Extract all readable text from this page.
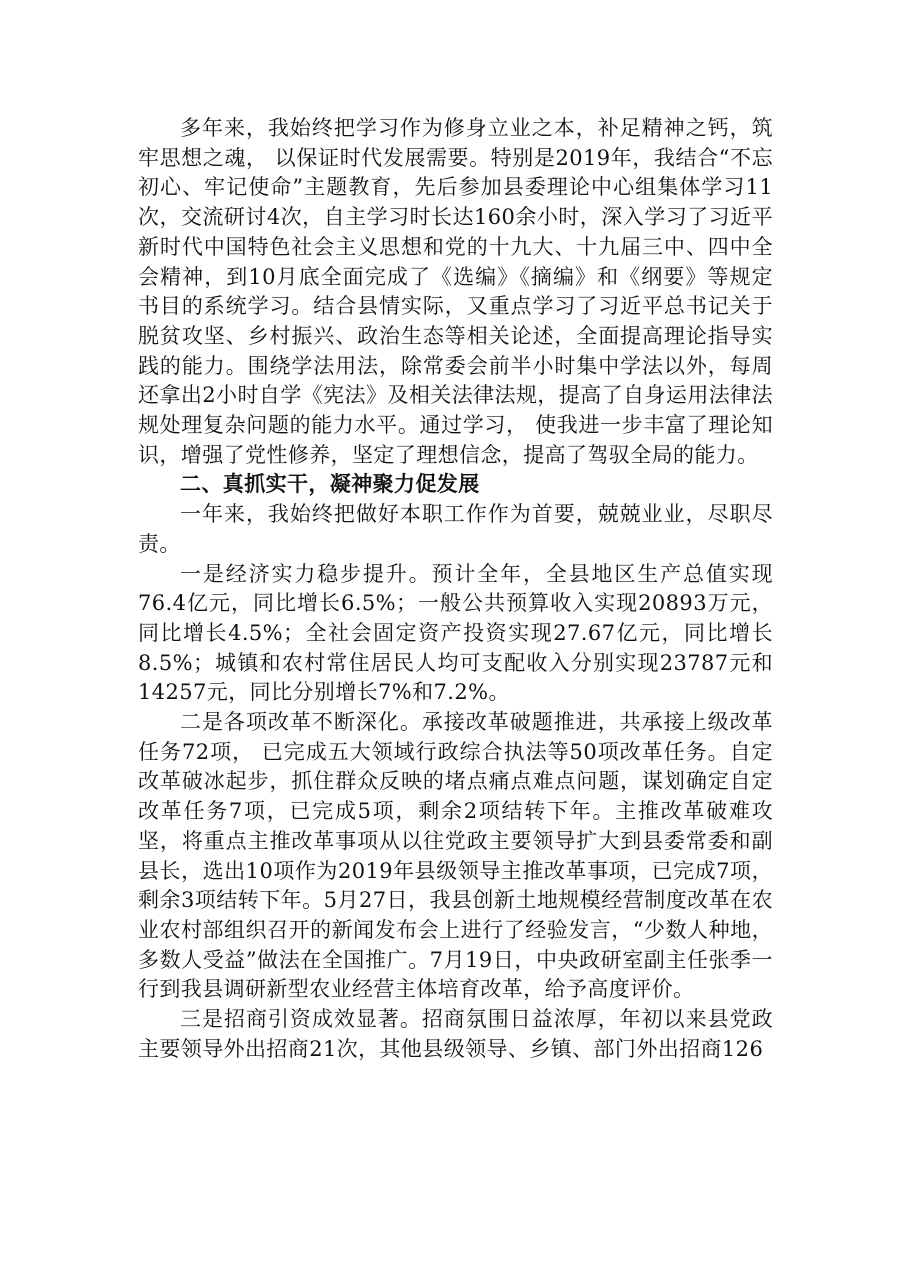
多年来，我始终把学习作为修身立业之本，补足精神之钙，筑牢思想之魂， 以保证时代发展需要。特别是2019年，我结合“不忘初心、牢记使命”主题教育，先后参加县委理论中心组集体学习11次，交流研讨4次，自主学习时长达160余小时，深入学习了习近平新时代中国特色社会主义思想和党的十九大、十九届三中、四中全会精神，到10月底全面完成了《选编》《摘编》和《纲要》等规定书目的系统学习。结合县情实际，又重点学习了习近平总书记关于脱贫攻坚、乡村振兴、政治生态等相关论述，全面提高理论指导实践的能力。围绕学法用法，除常委会前半小时集中学法以外，每周还拿出2小时自学《宪法》及相关法律法规，提高了自身运用法律法规处理复杂问题的能力水平。通过学习， 使我进一步丰富了理论知识，增强了党性修养，坚定了理想信念，提高了驾驭全局的能力。

二、真抓实干，凝神聚力促发展

一年来，我始终把做好本职工作作为首要，兢兢业业，尽职尽责。

一是经济实力稳步提升。预计全年，全县地区生产总值实现76.4亿元，同比增长6.5%；一般公共预算收入实现20893万元，同比增长4.5%；全社会固定资产投资实现27.67亿元，同比增长8.5%；城镇和农村常住居民人均可支配收入分别实现23787元和14257元，同比分别增长7%和7.2%。

二是各项改革不断深化。承接改革破题推进，共承接上级改革任务72项， 已完成五大领域行政综合执法等50项改革任务。自定改革破冰起步，抓住群众反映的堵点痛点难点问题，谋划确定自定改革任务7项，已完成5项，剩余2项结转下年。主推改革破难攻坚，将重点主推改革事项从以往党政主要领导扩大到县委常委和副县长，选出10项作为2019年县级领导主推改革事项，已完成7项，剩余3项结转下年。5月27日，我县创新土地规模经营制度改革在农业农村部组织召开的新闻发布会上进行了经验发言，“少数人种地，多数人受益”做法在全国推广。7月19日，中央政研室副主任张季一行到我县调研新型农业经营主体培育改革，给予高度评价。

三是招商引资成效显著。招商氛围日益浓厚，年初以来县党政主要领导外出招商21次，其他县级领导、乡镇、部门外出招商126
